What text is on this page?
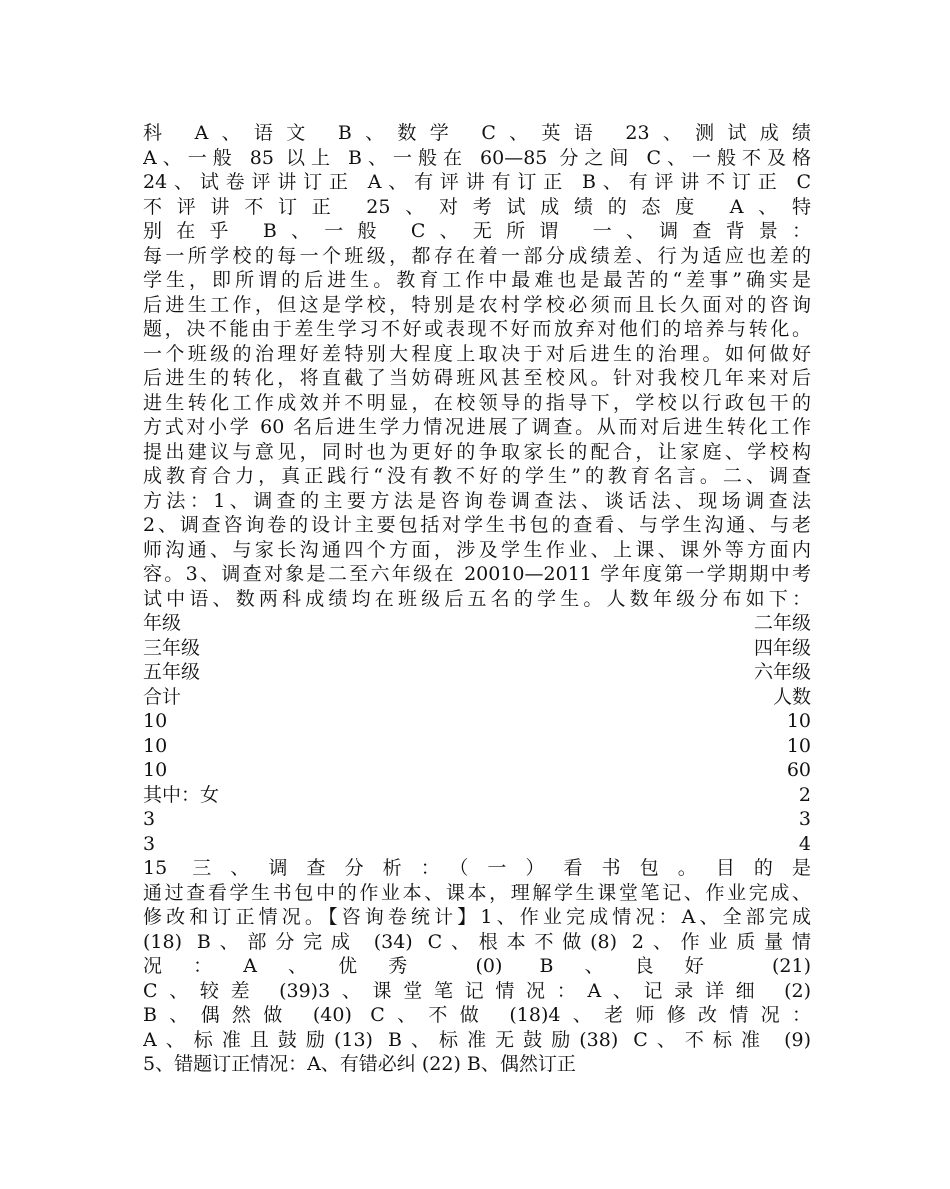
科 A、语文 B、数学 C、英语 23、测试成绩
A、一般 85 以上 B、一般在 60—85 分之间 C、一般不及格
24、试卷评讲订正 A、有评讲有订正 B、有评讲不订正 C
不评讲不订正 25、对考试成绩的态度 A、特
别在乎 B、一般 C、无所谓 一、调查背景：
每一所学校的每一个班级，都存在着一部分成绩差、行为适应也差的
学生，即所谓的后进生。教育工作中最难也是最苦的“差事”确实是
后进生工作，但这是学校，特别是农村学校必须而且长久面对的咨询
题，决不能由于差生学习不好或表现不好而放弃对他们的培养与转化。
一个班级的治理好差特别大程度上取决于对后进生的治理。如何做好
后进生的转化，将直截了当妨碍班风甚至校风。针对我校几年来对后
进生转化工作成效并不明显，在校领导的指导下，学校以行政包干的
方式对小学 60 名后进生学力情况进展了调查。从而对后进生转化工作
提出建议与意见，同时也为更好的争取家长的配合，让家庭、学校构
成教育合力，真正践行“没有教不好的学生”的教育名言。二、调查
方法：1、调查的主要方法是咨询卷调查法、谈话法、现场调查法
2、调查咨询卷的设计主要包括对学生书包的查看、与学生沟通、与老
师沟通、与家长沟通四个方面，涉及学生作业、上课、课外等方面内
容。3、调查对象是二至六年级在 20010—2011 学年度第一学期期中考
试中语、数两科成绩均在班级后五名的学生。人数年级分布如下：
年级	二年级
三年级	四年级
五年级	六年级
合计	人数
10	10
10	10
10	60
其中：女	2
3	3
3	4
15 三、调查分析：（一）看书包。目的是
通过查看学生书包中的作业本、课本，理解学生课堂笔记、作业完成、
修改和订正情况。【咨询卷统计】1、作业完成情况：A、全部完成
(18) B、部分完成 (34) C、根本不做(8) 2、作业质量情
况：A、优秀 (0) B、良好 (21)
C、较差 (39)3、课堂笔记情况：A、记录详细 (2)
B、偶然做 (40) C、不做 (18)4、老师修改情况：
A、标准且鼓励(13) B、标准无鼓励(38) C、不标准 (9)
5、错题订正情况：A、有错必纠 (22) B、偶然订正
